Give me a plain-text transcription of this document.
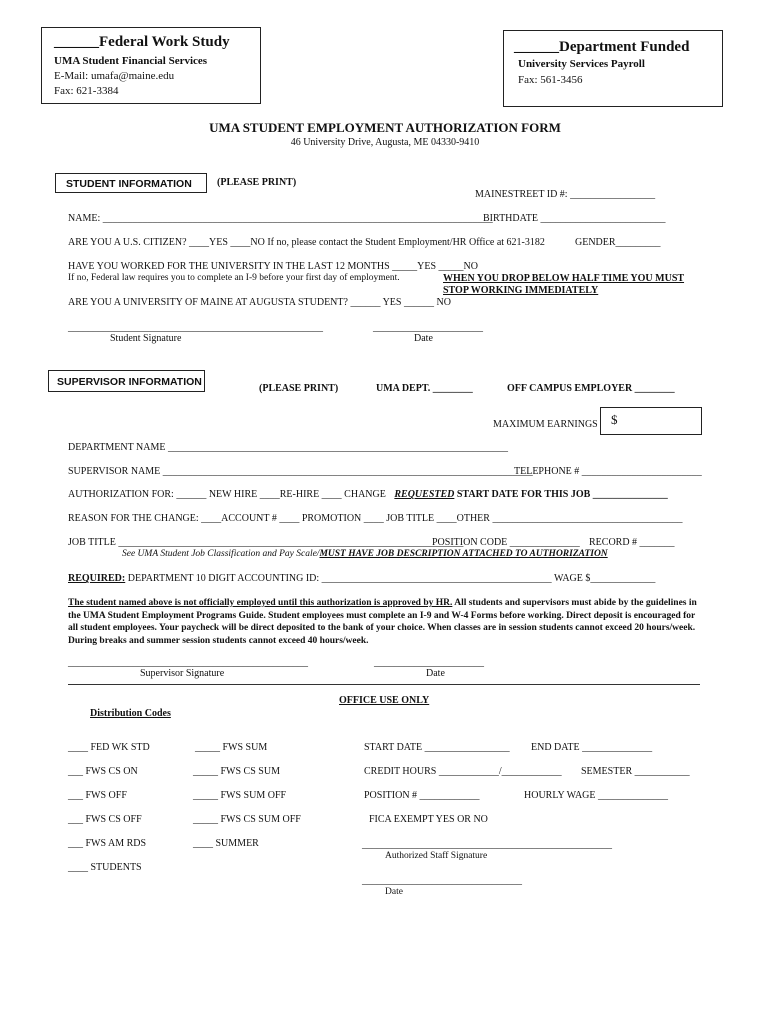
______Federal Work Study
UMA Student Financial Services
E-Mail: umafa@maine.edu
Fax: 621-3384
______Department Funded
University Services Payroll
Fax: 561-3456
UMA STUDENT EMPLOYMENT AUTHORIZATION FORM
46 University Drive, Augusta, ME 04330-9410
STUDENT INFORMATION	(PLEASE PRINT)
MAINESTREET ID #: _________________
NAME: ______________________________________________________________________________
BIRTHDATE _________________________
ARE YOU A U.S. CITIZEN? ____YES ____NO If no, please contact the Student Employment/HR Office at 621-3182	GENDER_________
HAVE YOU WORKED FOR THE UNIVERSITY IN THE LAST 12 MONTHS _____YES _____NO
If no, Federal law requires you to complete an I-9 before your first day of employment.	WHEN YOU DROP BELOW HALF TIME YOU MUST
STOP WORKING IMMEDIATELY
ARE YOU A UNIVERSITY OF MAINE AT AUGUSTA STUDENT? ______ YES ______ NO
___________________________________________________	______________________
Student Signature	Date
SUPERVISOR INFORMATION
(PLEASE PRINT)	UMA DEPT. ________	OFF CAMPUS EMPLOYER ________
MAXIMUM EARNINGS $
DEPARTMENT NAME ____________________________________________________________________
SUPERVISOR NAME __________________________________________________________________________
TELEPHONE # ________________________
AUTHORIZATION FOR: ______ NEW HIRE ____RE-HIRE ____ CHANGE REQUESTED START DATE FOR THIS JOB _______________
REASON FOR THE CHANGE: ____ACCOUNT # ____ PROMOTION ____ JOB TITLE ____OTHER ______________________________________
JOB TITLE _____________________________________________________________________
POSITION CODE ______________ RECORD # _______
See UMA Student Job Classification and Pay Scale/MUST HAVE JOB DESCRIPTION ATTACHED TO AUTHORIZATION
REQUIRED: DEPARTMENT 10 DIGIT ACCOUNTING ID: ______________________________________________ WAGE $_____________
The student named above is not officially employed until this authorization is approved by HR. All students and supervisors must abide by the guidelines in the UMA Student Employment Programs Guide. Student employees must complete an I-9 and W-4 Forms before working. Direct deposit is encouraged for all student employees. Your paycheck will be direct deposited to the bank of your choice. When classes are in session students cannot exceed 20 hours/week. During breaks and summer session students cannot exceed 40 hours/week.
________________________________________________	______________________
Supervisor Signature	Date
OFFICE USE ONLY
Distribution Codes
____ FED WK STD
___ FWS CS ON
___ FWS OFF
___ FWS CS OFF
___ FWS AM RDS
____ STUDENTS
_____ FWS SUM
_____ FWS CS SUM
_____ FWS SUM OFF
_____ FWS CS SUM OFF
____ SUMMER
START DATE _________________ END DATE ______________
CREDIT HOURS ____________/____________ SEMESTER ___________
POSITION # ____________	HOURLY WAGE ______________
FICA EXEMPT YES OR NO
__________________________________________________
Authorized Staff Signature
________________________________
Date
